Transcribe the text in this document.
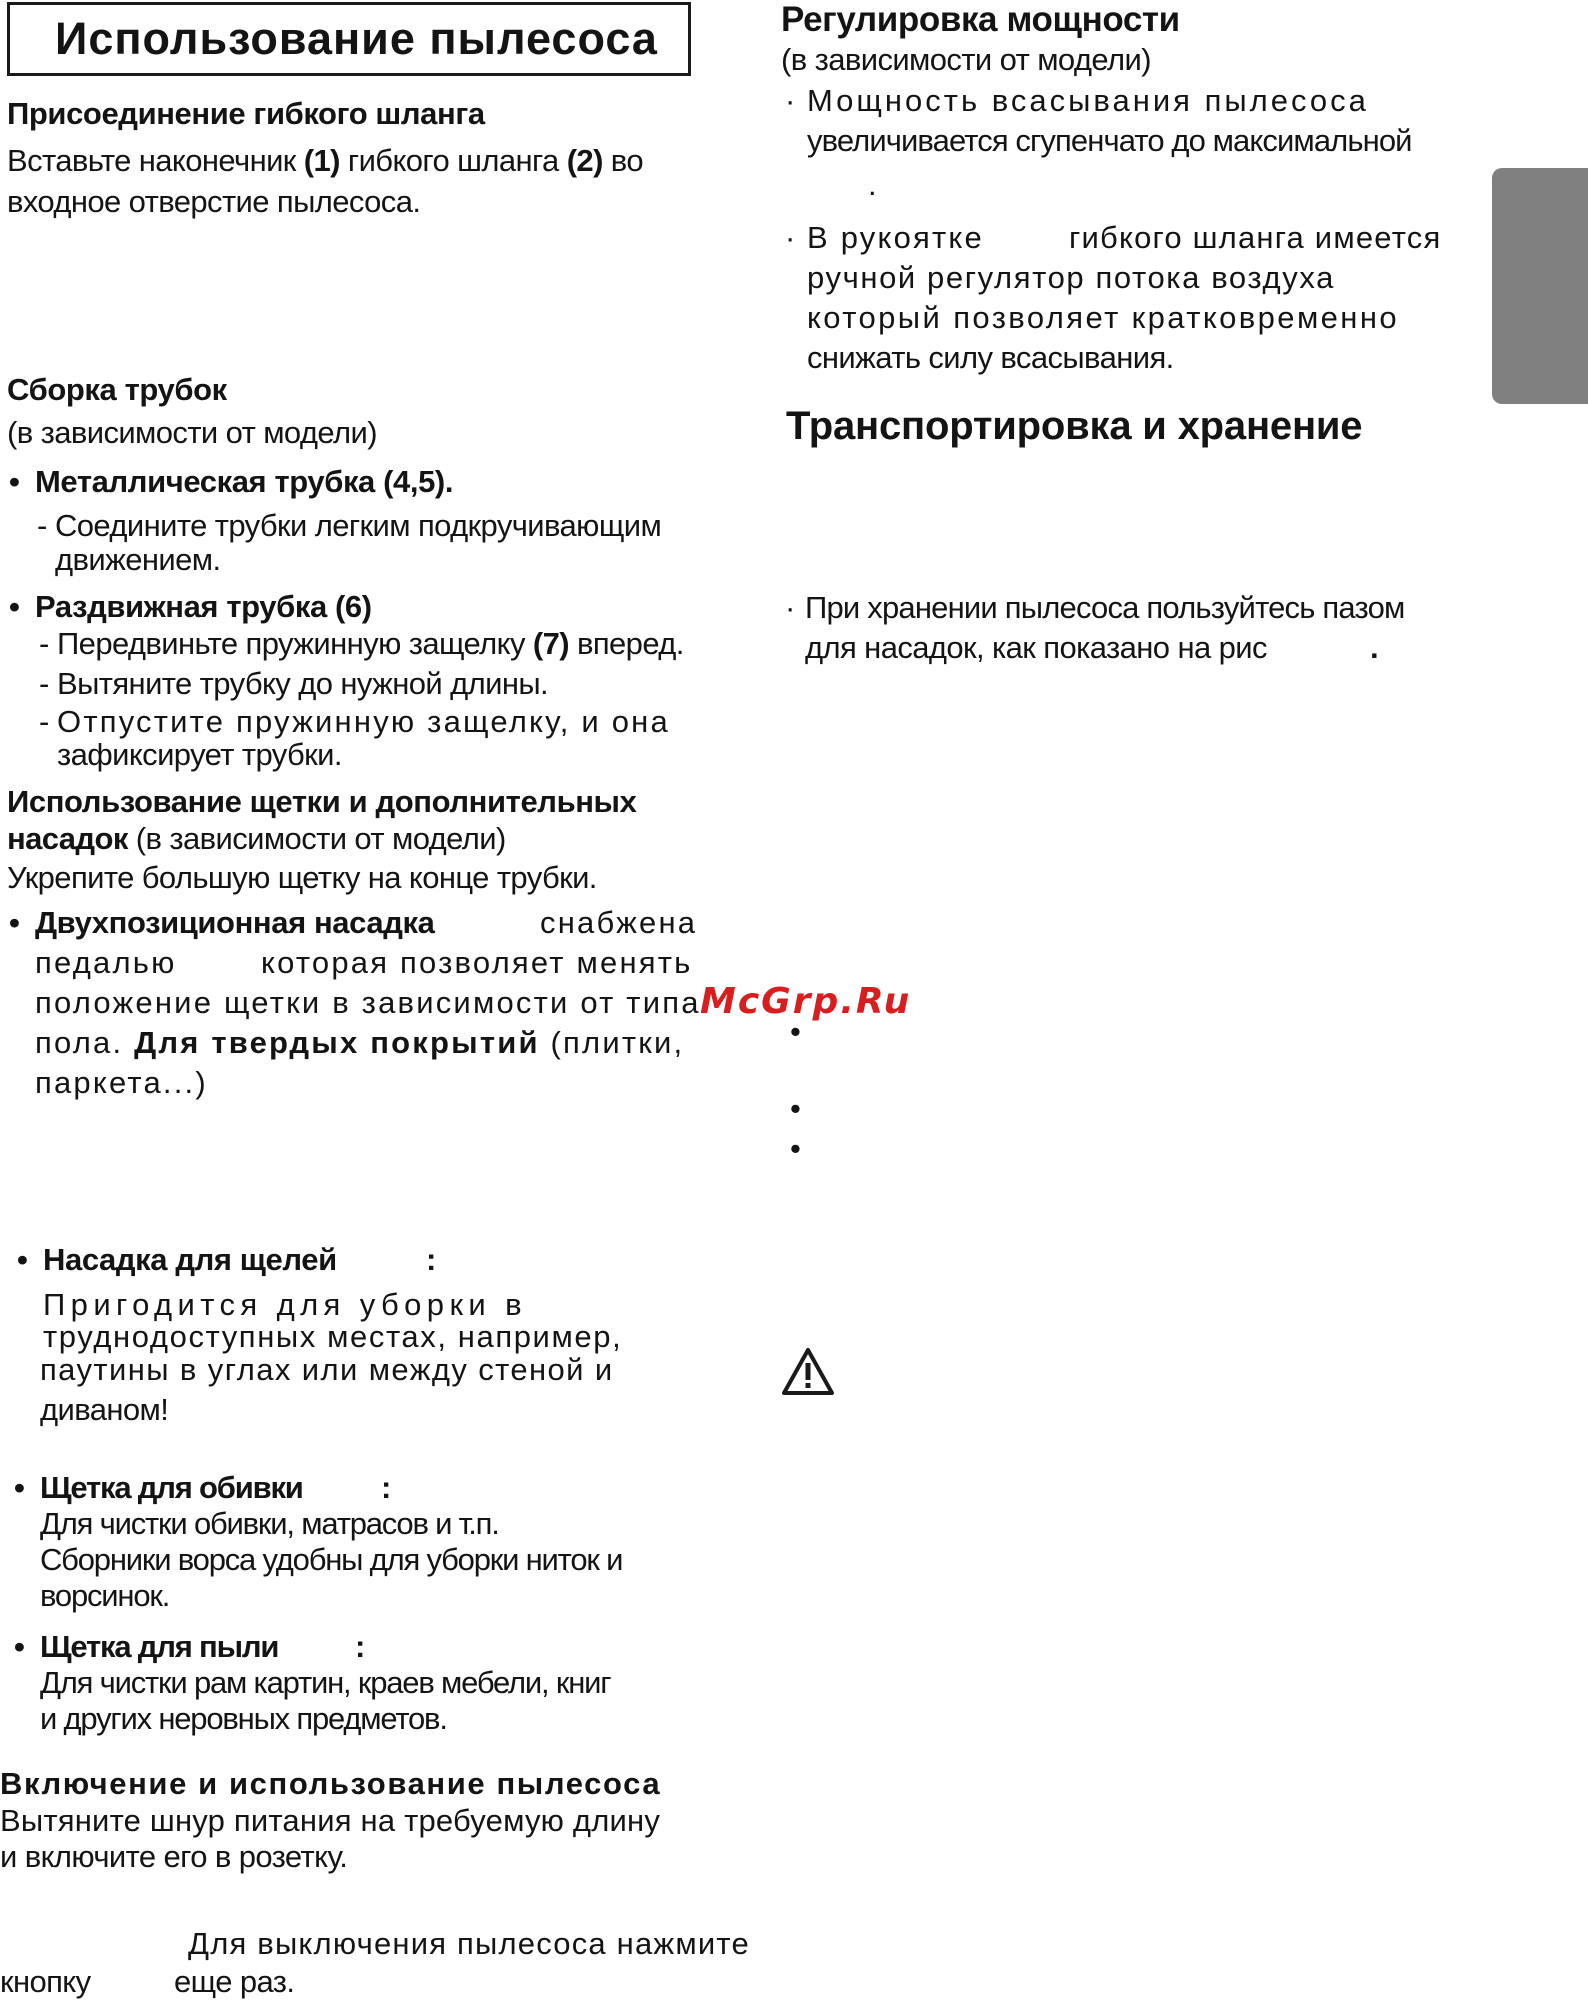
Использование пылесоса
Присоединение гибкого шланга
Вставьте наконечник (1) гибкого шланга (2) во
входное отверстие пылесоса.
Сборка трубок
(в зависимости от модели)
• Металлическая трубка (4,5).
- Соедините трубки легким подкручивающим
движением.
• Раздвижная трубка (6)
- Передвиньте пружинную защелку (7) вперед.
- Вытяните трубку до нужной длины.
- Отпустите пружинную защелку, и она
зафиксирует трубки.
Использование щетки и дополнительных
насадок (в зависимости от модели)
Укрепите большую щетку на конце трубки.
• Двухпозиционная насадка	снабжена
педалью	которая позволяет менять
положение щетки в зависимости от типа
пола. Для твердых покрытий (плитки,
паркета...)
• Насадка для щелей	:
Пригодится для уборки в
труднодоступных местах, например,
паутины в углах или между стеной и
диваном!
• Щетка для обивки	:
Для чистки обивки, матрасов и т.п.
Сборники ворса удобны для уборки ниток и
ворсинок.
• Щетка для пыли :
Для чистки рам картин, краев мебели, книг
и других неровных предметов.
Включение и использование пылесоса
Вытяните шнур питания на требуемую длину
и включите его в розетку.
Для выключения пылесоса нажмите
кнопку	еще раз.
Регулировка мощности
(в зависимости от модели)
· Мощность всасывания пылесоса
увеличивается сгупенчато до максимальной
.
· В рукоятке	гибкого шланга имеется
ручной регулятор потока воздуха
который позволяет кратковременно
снижать силу всасывания.
Транспортировка и хранение
· При хранении пылесоса пользуйтесь пазом
для насадок, как показано на рис	.
McGrp.Ru
•
•
•
